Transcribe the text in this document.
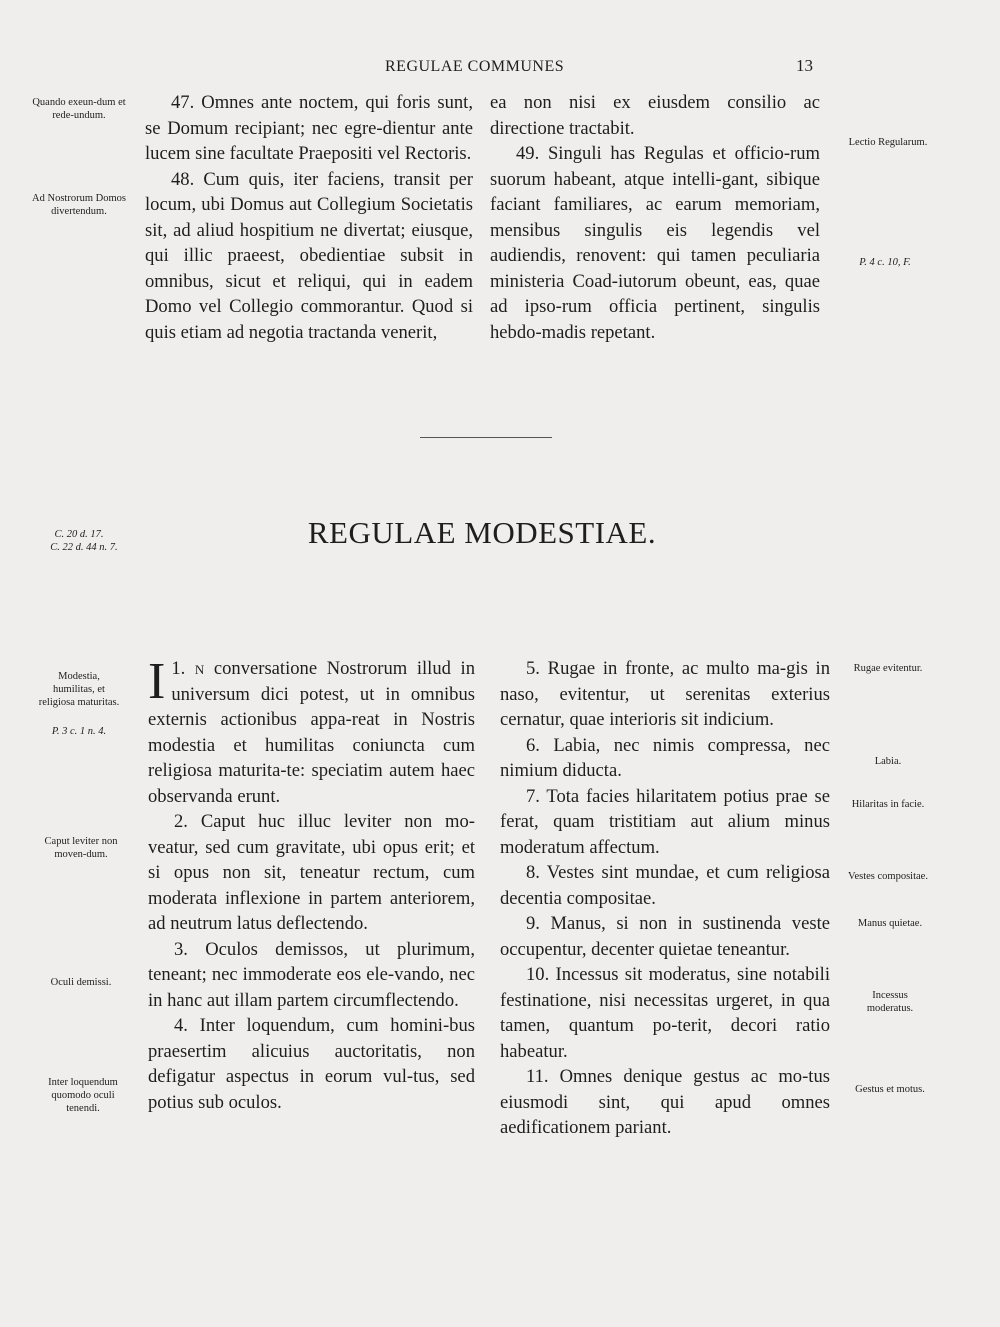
REGULAE COMMUNES	13

47. Omnes ante noctem, qui foris sunt, se Domum recipiant; nec egre-dientur ante lucem sine facultate Praepositi vel Rectoris.

48. Cum quis, iter faciens, transit per locum, ubi Domus aut Collegium Societatis sit, ad aliud hospitium ne divertat; eiusque, qui illic praeest, obedientiae subsit in omnibus, sicut et reliqui, qui in eadem Domo vel Collegio commorantur. Quod si quis etiam ad negotia tractanda venerit,

ea non nisi ex eiusdem consilio ac directione tractabit.

49. Singuli has Regulas et officio-rum suorum habeant, atque intelli-gant, sibique faciant familiares, ac earum memoriam, mensibus singulis eis legendis vel audiendis, renovent: qui tamen peculiaria ministeria Coad-iutorum obeunt, eas, quae ad ipso-rum officia pertinent, singulis hebdo-madis repetant.

REGULAE MODESTIAE.

1.
I n conversatione Nostrorum illud in universum dici potest, ut in omnibus externis actionibus appa-reat in Nostris modestia et humilitas coniuncta cum religiosa maturita-te: speciatim autem haec observanda erunt.

2. Caput huc illuc leviter non mo-veatur, sed cum gravitate, ubi opus erit; et si opus non sit, teneatur rectum, cum moderata inflexione in partem anteriorem, ad neutrum latus deflectendo.

3. Oculos demissos, ut plurimum, teneant; nec immoderate eos ele-vando, nec in hanc aut illam partem circumflectendo.

4. Inter loquendum, cum homini-bus praesertim alicuius auctoritatis, non defigatur aspectus in eorum vul-tus, sed potius sub oculos.

5. Rugae in fronte, ac multo ma-gis in naso, evitentur, ut serenitas exterius cernatur, quae interioris sit indicium.

6. Labia, nec nimis compressa, nec nimium diducta.

7. Tota facies hilaritatem potius prae se ferat, quam tristitiam aut alium minus moderatum affectum.

8. Vestes sint mundae, et cum religiosa decentia compositae.

9. Manus, si non in sustinenda veste occupentur, decenter quietae teneantur.

10. Incessus sit moderatus, sine notabili festinatione, nisi necessitas urgeret, in qua tamen, quantum po-terit, decori ratio habeatur.

11. Omnes denique gestus ac mo-tus eiusmodi sint, qui apud omnes aedificationem pariant.

Quando exeun-dum et rede-undum.
Ad Nostrorum Domos divertendum.
C. 20 d. 17.
C. 22 d. 44 n. 7.
Modestia, humilitas, et religiosa maturitas.
P. 3 c. 1 n. 4.
Caput leviter non moven-dum.
Oculi demissi.
Inter loquendum quomodo oculi tenendi.
Lectio Regularum.
P. 4 c. 10, F.
Rugae evitentur.
Labia.
Hilaritas in facie.
Vestes compositae.
Manus quietae.
Incessus moderatus.
Gestus et motus.
